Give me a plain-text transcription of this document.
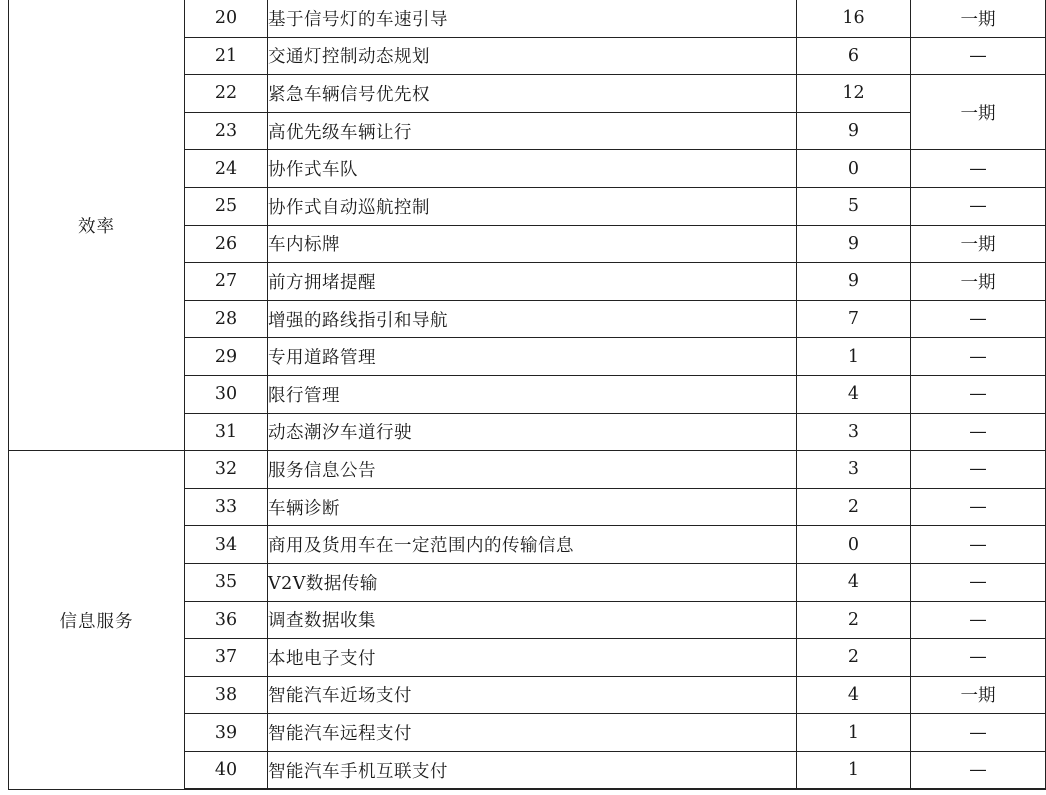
效率	20	基于信号灯的车速引导	16	一期
	21	交通灯控制动态规划	6	—
	22	紧急车辆信号优先权	12	一期
	23	高优先级车辆让行	9	
	24	协作式车队	0	—
	25	协作式自动巡航控制	5	—
	26	车内标牌	9	一期
	27	前方拥堵提醒	9	一期
	28	增强的路线指引和导航	7	—
	29	专用道路管理	1	—
	30	限行管理	4	—
	31	动态潮汐车道行驶	3	—
信息服务	32	服务信息公告	3	—
	33	车辆诊断	2	—
	34	商用及货用车在一定范围内的传输信息	0	—
	35	V2V数据传输	4	—
	36	调查数据收集	2	—
	37	本地电子支付	2	—
	38	智能汽车近场支付	4	一期
	39	智能汽车远程支付	1	—
	40	智能汽车手机互联支付	1	—
